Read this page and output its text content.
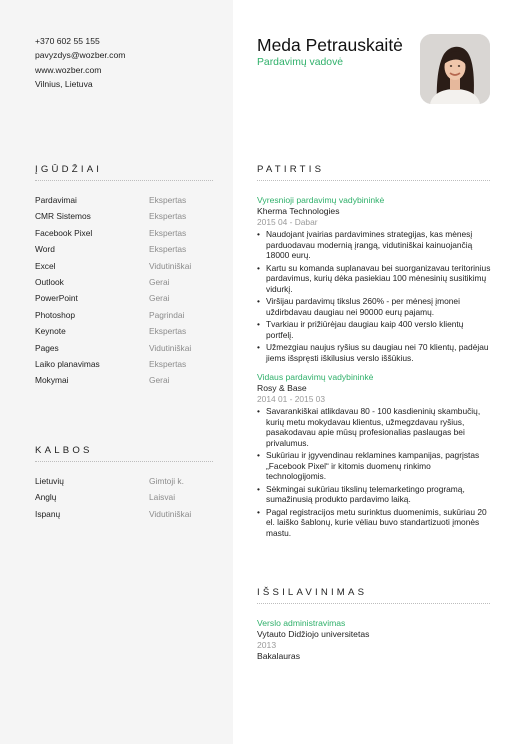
+370 602 55 155
pavyzdys@wozber.com
www.wozber.com
Vilnius, Lietuva
Meda Petrauskaitė
Pardavimų vadovė
ĮGŪDŽIAI
Pardavimai	Ekspertas
CMR Sistemos	Ekspertas
Facebook Pixel	Ekspertas
Word	Ekspertas
Excel	Vidutiniškai
Outlook	Gerai
PowerPoint	Gerai
Photoshop	Pagrindai
Keynote	Ekspertas
Pages	Vidutiniškai
Laiko planavimas	Ekspertas
Mokymai	Gerai
KALBOS
Lietuvių	Gimtoji k.
Anglų	Laisvai
Ispanų	Vidutiniškai
PATIRTIS
Vyresnioji pardavimų vadybininkė
Kherma Technologies
2015 04 - Dabar
• Naudojant įvairias pardavimines strategijas, kas mėnesį parduodavau modernią įrangą, vidutiniškai kainuojančią 18000 eurų.
• Kartu su komanda suplanavau bei suorganizavau teritorinius pardavimus, kurių dėka pasiekiau 100 mėnesinių susitikimų vidurkį.
• Viršijau pardavimų tikslus 260% - per mėnesį įmonei uždirbdavau daugiau nei 90000 eurų pajamų.
• Tvarkiau ir prižiūrėjau daugiau kaip 400 verslo klientų portfelį.
• Užmezgiau naujus ryšius su daugiau nei 70 klientų, padėjau jiems išspręsti iškilusius verslo iššūkius.
Vidaus pardavimų vadybininkė
Rosy & Base
2014 01 - 2015 03
• Savarankiškai atlikdavau 80 - 100 kasdieninių skambučių, kurių metu mokydavau klientus, užmegzdavau ryšius, pasakodavau apie mūsų profesionalias paslaugas bei privalumus.
• Sukūriau ir įgyvendinau reklamines kampanijas, pagrįstas „Facebook Pixel“ ir kitomis duomenų rinkimo technologijomis.
• Sėkmingai sukūriau tikslinų telemarketingo programą, sumažinusią produkto pardavimo laiką.
• Pagal registracijos metu surinktus duomenimis, sukūriau 20 el. laiško šablonų, kurie vėliau buvo standartizuoti įmonės mastu.
IŠSILAVINIMAS
Verslo administravimas
Vytauto Didžiojo universitetas
2013
Bakalauras
